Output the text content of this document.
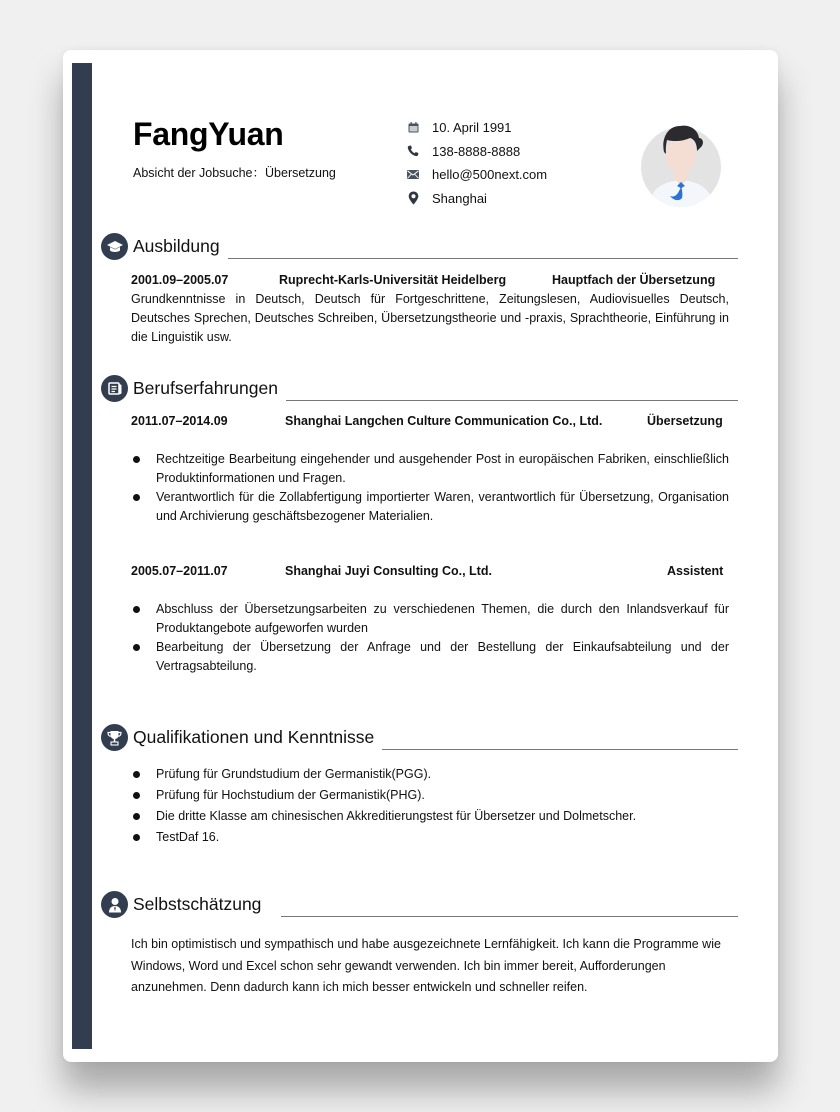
FangYuan
Absicht der Jobsuche：Übersetzung
10. April 1991
138-8888-8888
hello@500next.com
Shanghai
Ausbildung
2001.09–2005.07	Ruprecht-Karls-Universität Heidelberg	Hauptfach der Übersetzung
Grundkenntnisse in Deutsch, Deutsch für Fortgeschrittene, Zeitungslesen, Audiovisuelles Deutsch, Deutsches Sprechen, Deutsches Schreiben, Übersetzungstheorie und -praxis, Sprachtheorie, Einführung in die Linguistik usw.
Berufserfahrungen
2011.07–2014.09	Shanghai Langchen Culture Communication Co., Ltd.	Übersetzung
Rechtzeitige Bearbeitung eingehender und ausgehender Post in europäischen Fabriken, einschließlich Produktinformationen und Fragen.
Verantwortlich für die Zollabfertigung importierter Waren, verantwortlich für Übersetzung, Organisation und Archivierung geschäftsbezogener Materialien.
2005.07–2011.07	Shanghai Juyi Consulting Co., Ltd.	Assistent
Abschluss der Übersetzungsarbeiten zu verschiedenen Themen, die durch den Inlandsverkauf für Produktangebote aufgeworfen wurden
Bearbeitung der Übersetzung der Anfrage und der Bestellung der Einkaufsabteilung und der Vertragsabteilung.
Qualifikationen und Kenntnisse
Prüfung für Grundstudium der Germanistik(PGG).
Prüfung für Hochstudium der Germanistik(PHG).
Die dritte Klasse am chinesischen Akkreditierungstest für Übersetzer und Dolmetscher.
TestDaf 16.
Selbstschätzung
Ich bin optimistisch und sympathisch und habe ausgezeichnete Lernfähigkeit. Ich kann die Programme wie Windows, Word und Excel schon sehr gewandt verwenden. Ich bin immer bereit, Aufforderungen anzunehmen. Denn dadurch kann ich mich besser entwickeln und schneller reifen.
